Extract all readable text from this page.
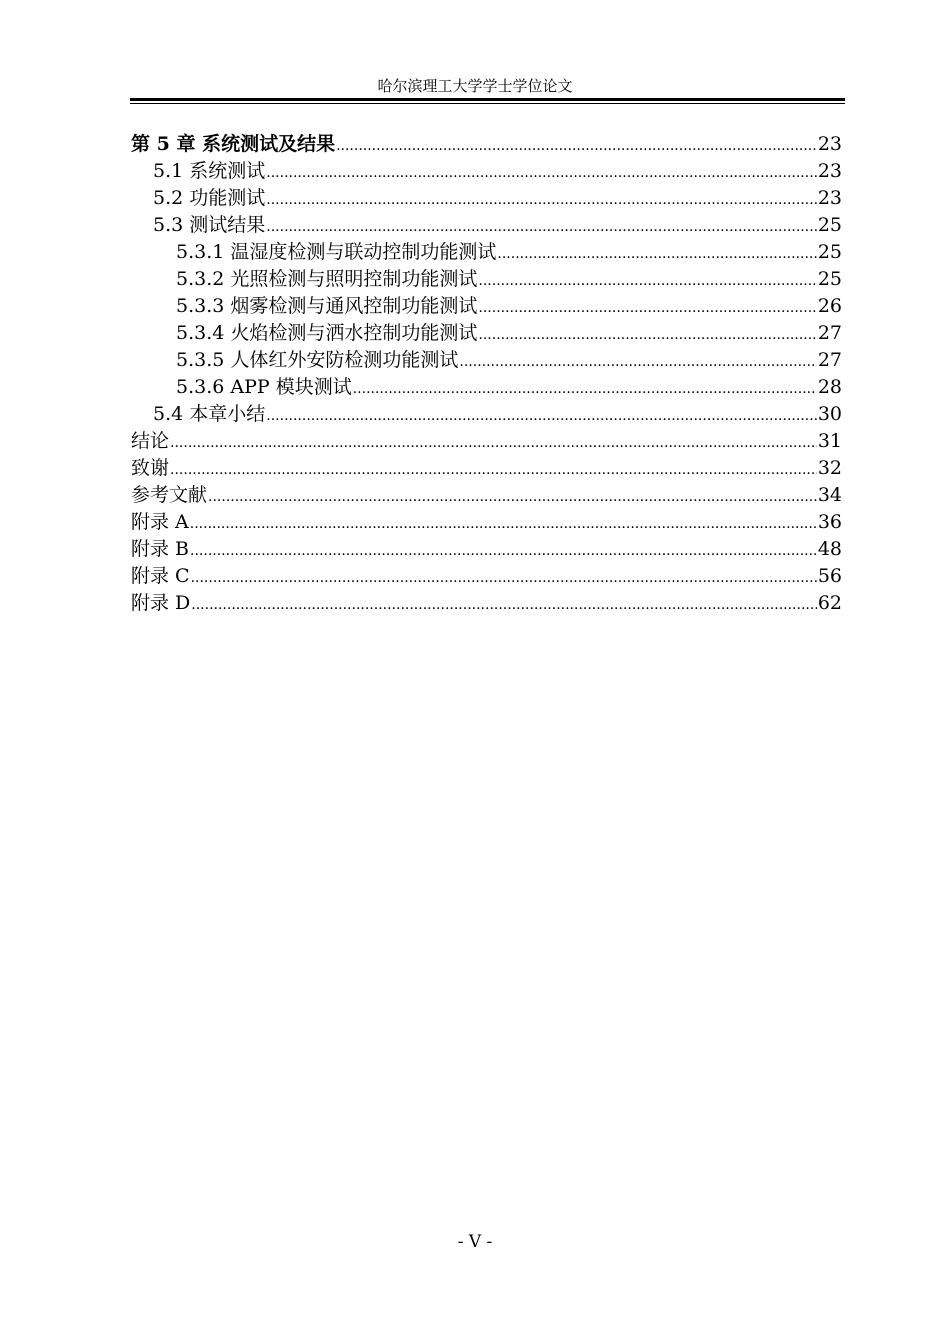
哈尔滨理工大学学士学位论文
第 5 章 系统测试及结果 .....	23
5.1 系统测试 .....	23
5.2 功能测试 .....	23
5.3 测试结果 .....	25
5.3.1 温湿度检测与联动控制功能测试 .....	25
5.3.2 光照检测与照明控制功能测试 .....	25
5.3.3 烟雾检测与通风控制功能测试 .....	26
5.3.4 火焰检测与洒水控制功能测试 .....	27
5.3.5 人体红外安防检测功能测试 .....	27
5.3.6 APP 模块测试 .....	28
5.4 本章小结 .....	30
结论 .....	31
致谢 .....	32
参考文献 .....	34
附录 A .....	36
附录 B .....	48
附录 C .....	56
附录 D .....	62
- V -
